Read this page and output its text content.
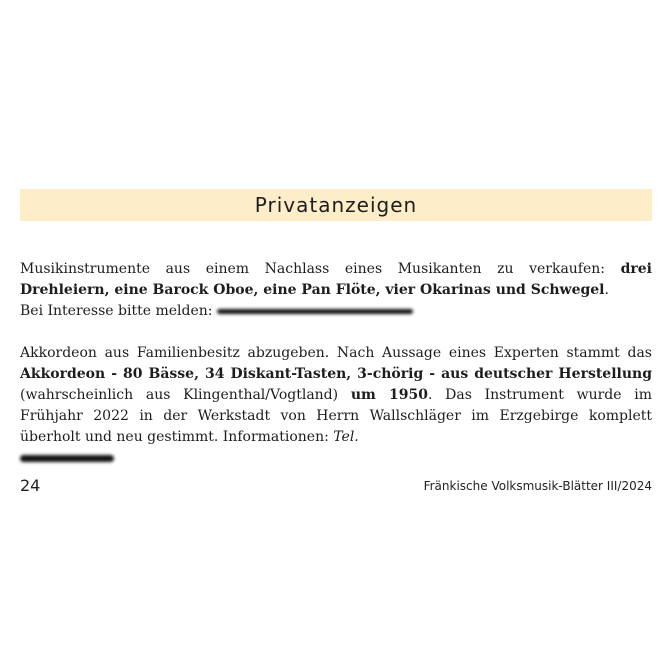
Privatanzeigen

Musikinstrumente aus einem Nachlass eines Musikanten zu verkaufen: drei Drehleiern, eine Barock Oboe, eine Pan Flöte, vier Okarinas und Schwegel.
Bei Interesse bitte melden:

Akkordeon aus Familienbesitz abzugeben. Nach Aussage eines Experten stammt das Akkordeon - 80 Bässe, 34 Diskant-Tasten, 3-chörig - aus deutscher Herstellung (wahrscheinlich aus Klingenthal/Vogtland) um 1950. Das Instrument wurde im Frühjahr 2022 in der Werkstadt von Herrn Wallschläger im Erzgebirge komplett überholt und neu gestimmt. Informationen: Tel.

24	Fränkische Volksmusik-Blätter III/2024
